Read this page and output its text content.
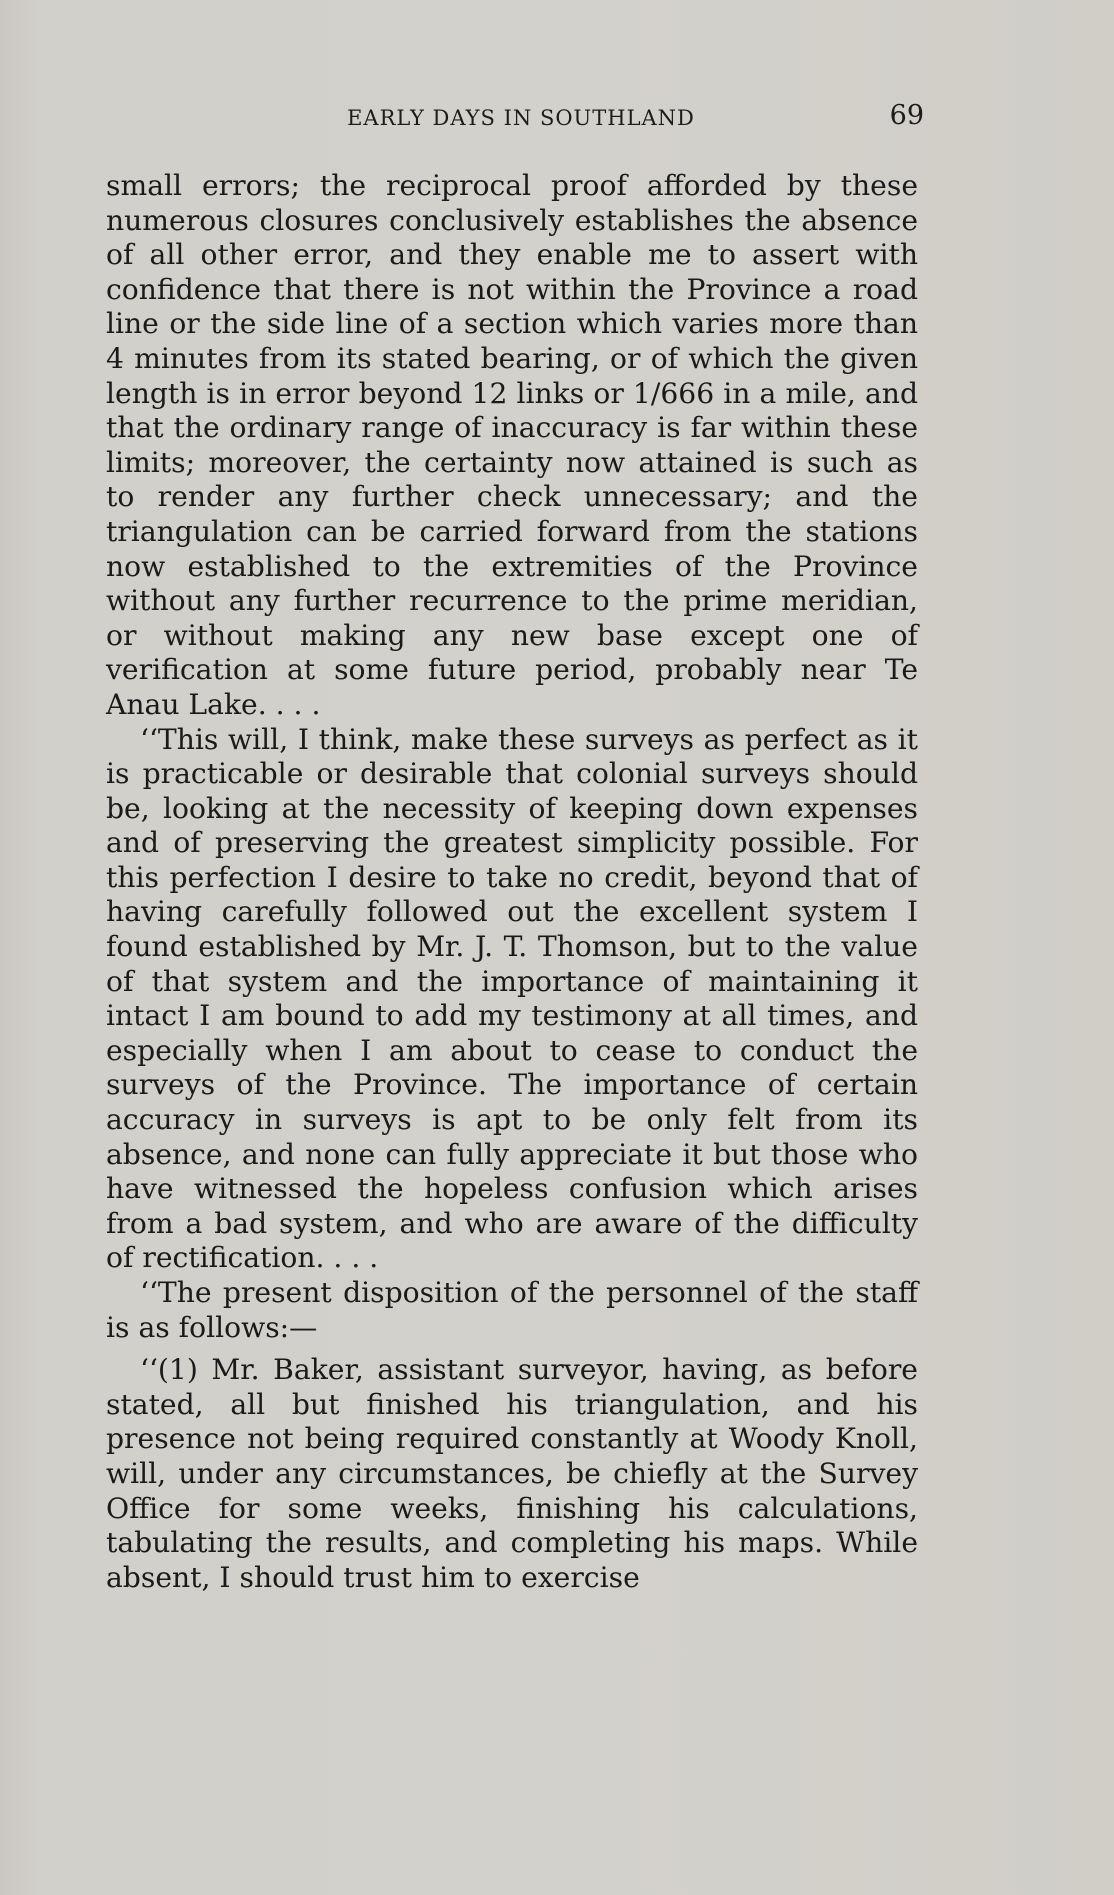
EARLY DAYS IN SOUTHLAND	69

small errors; the reciprocal proof afforded by these numerous closures conclusively establishes the absence of all other error, and they enable me to assert with confidence that there is not within the Province a road line or the side line of a section which varies more than 4 minutes from its stated bearing, or of which the given length is in error beyond 12 links or 1/666 in a mile, and that the ordinary range of inaccuracy is far within these limits; moreover, the certainty now attained is such as to render any further check unnecessary; and the triangulation can be carried forward from the stations now established to the extremities of the Province without any further recurrence to the prime meridian, or without making any new base except one of verification at some future period, probably near Te Anau Lake. . . .

‘‘This will, I think, make these surveys as perfect as it is practicable or desirable that colonial surveys should be, looking at the necessity of keeping down expenses and of preserving the greatest simplicity possible. For this perfection I desire to take no credit, beyond that of having carefully followed out the excellent system I found established by Mr. J. T. Thomson, but to the value of that system and the importance of maintaining it intact I am bound to add my testimony at all times, and especially when I am about to cease to conduct the surveys of the Province. The importance of certain accuracy in surveys is apt to be only felt from its absence, and none can fully appreciate it but those who have witnessed the hopeless confusion which arises from a bad system, and who are aware of the difficulty of rectification. . . .

‘‘The present disposition of the personnel of the staff is as follows:—

‘‘(1) Mr. Baker, assistant surveyor, having, as before stated, all but finished his triangulation, and his presence not being required constantly at Woody Knoll, will, under any circumstances, be chiefly at the Survey Office for some weeks, finishing his calculations, tabulating the results, and completing his maps. While absent, I should trust him to exercise
